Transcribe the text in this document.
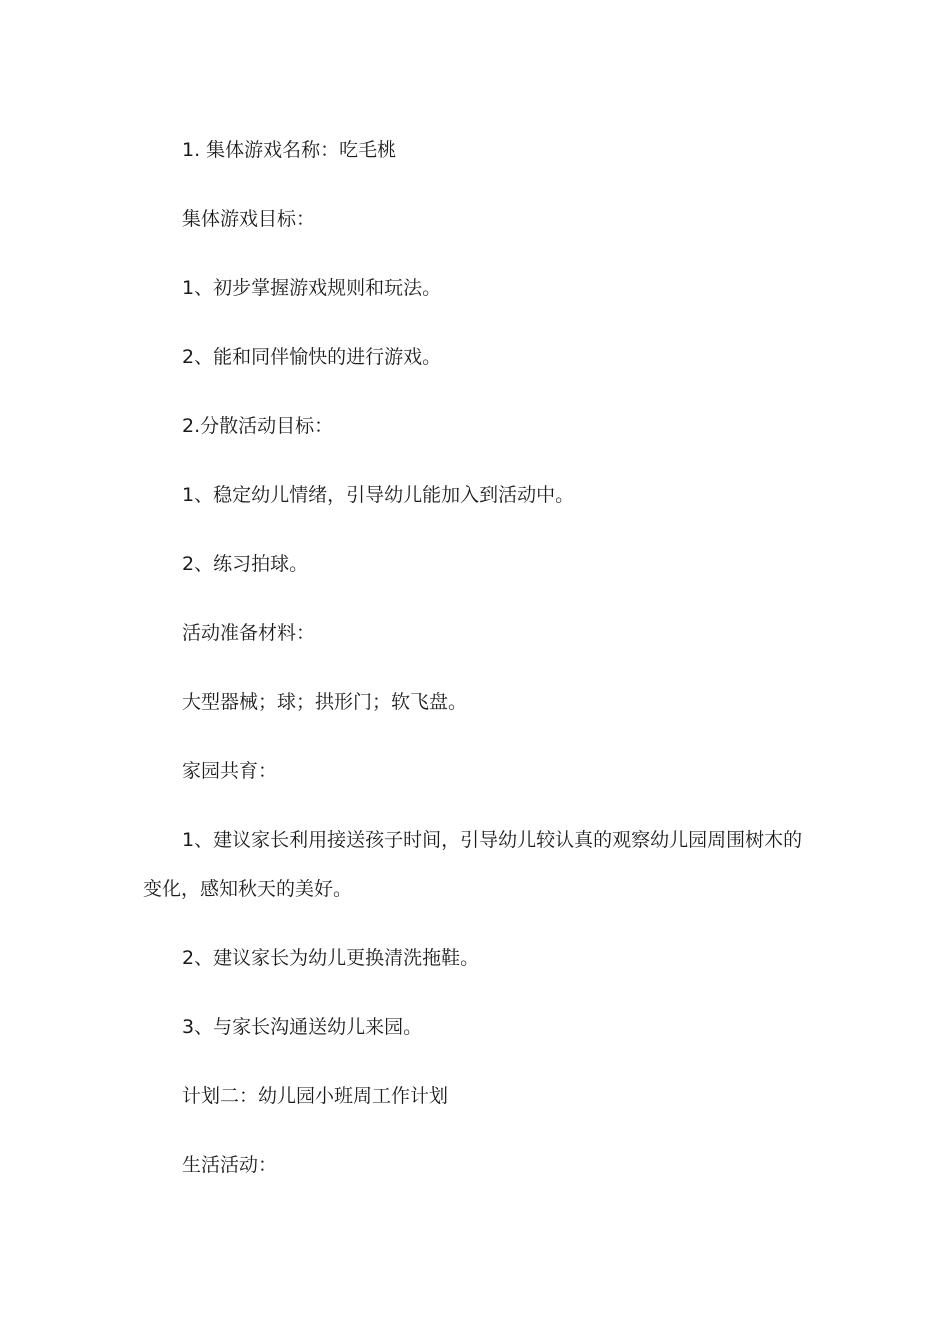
1. 集体游戏名称：吃毛桃
集体游戏目标：
1、初步掌握游戏规则和玩法。
2、能和同伴愉快的进行游戏。
2.分散活动目标：
1、稳定幼儿情绪，引导幼儿能加入到活动中。
2、练习拍球。
活动准备材料：
大型器械；球；拱形门；软飞盘。
家园共育：
1、建议家长利用接送孩子时间，引导幼儿较认真的观察幼儿园周围树木的
变化，感知秋天的美好。
2、建议家长为幼儿更换清洗拖鞋。
3、与家长沟通送幼儿来园。
计划二：幼儿园小班周工作计划
生活活动：
